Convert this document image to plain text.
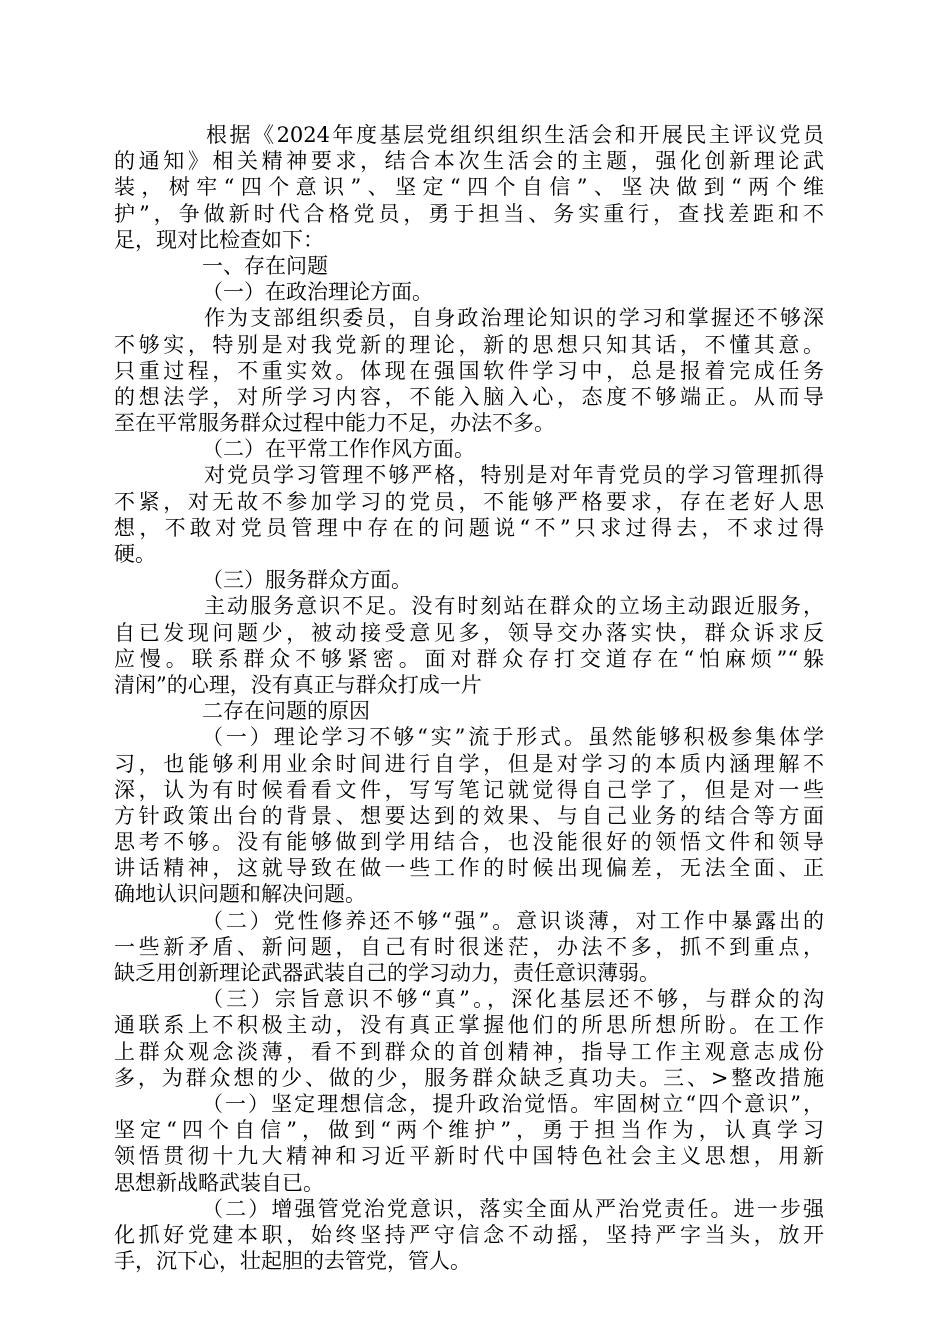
根据《2024年度基层党组织组织生活会和开展民主评议党员
的通知》相关精神要求，结合本次生活会的主题，强化创新理论武
装，树牢“四个意识”、坚定“四个自信”、坚决做到“两个维
护”，争做新时代合格党员，勇于担当、务实重行，查找差距和不
足，现对比检查如下：
一、存在问题
（一）在政治理论方面。
作为支部组织委员，自身政治理论知识的学习和掌握还不够深
不够实，特别是对我党新的理论，新的思想只知其话，不懂其意。
只重过程，不重实效。体现在强国软件学习中，总是报着完成任务
的想法学，对所学习内容，不能入脑入心，态度不够端正。从而导
至在平常服务群众过程中能力不足，办法不多。
（二）在平常工作作风方面。
对党员学习管理不够严格，特别是对年青党员的学习管理抓得
不紧，对无故不参加学习的党员，不能够严格要求，存在老好人思
想，不敢对党员管理中存在的问题说“不”只求过得去，不求过得
硬。
（三）服务群众方面。
主动服务意识不足。没有时刻站在群众的立场主动跟近服务，
自已发现问题少，被动接受意见多，领导交办落实快，群众诉求反
应慢。联系群众不够紧密。面对群众存打交道存在“怕麻烦”“躲
清闲”的心理，没有真正与群众打成一片
二存在问题的原因
（一）理论学习不够“实”流于形式。虽然能够积极参集体学
习，也能够利用业余时间进行自学，但是对学习的本质内涵理解不
深，认为有时候看看文件，写写笔记就觉得自己学了，但是对一些
方针政策出台的背景、想要达到的效果、与自己业务的结合等方面
思考不够。没有能够做到学用结合，也没能很好的领悟文件和领导
讲话精神，这就导致在做一些工作的时候出现偏差，无法全面、正
确地认识问题和解决问题。
（二）党性修养还不够“强”。意识谈薄，对工作中暴露出的
一些新矛盾、新问题，自己有时很迷茫，办法不多，抓不到重点，
缺乏用创新理论武器武装自己的学习动力，责任意识薄弱。
（三）宗旨意识不够“真”。，深化基层还不够，与群众的沟
通联系上不积极主动，没有真正掌握他们的所思所想所盼。在工作
上群众观念淡薄，看不到群众的首创精神，指导工作主观意志成份
多，为群众想的少、做的少，服务群众缺乏真功夫。三、>整改措施
（一）坚定理想信念，提升政治觉悟。牢固树立“四个意识”，
坚定“四个自信”，做到“两个维护”，勇于担当作为，认真学习
领悟贯彻十九大精神和习近平新时代中国特色社会主义思想，用新
思想新战略武装自已。
（二）增强管党治党意识，落实全面从严治党责任。进一步强
化抓好党建本职，始终坚持严守信念不动摇，坚持严字当头，放开
手，沉下心，壮起胆的去管党，管人。
